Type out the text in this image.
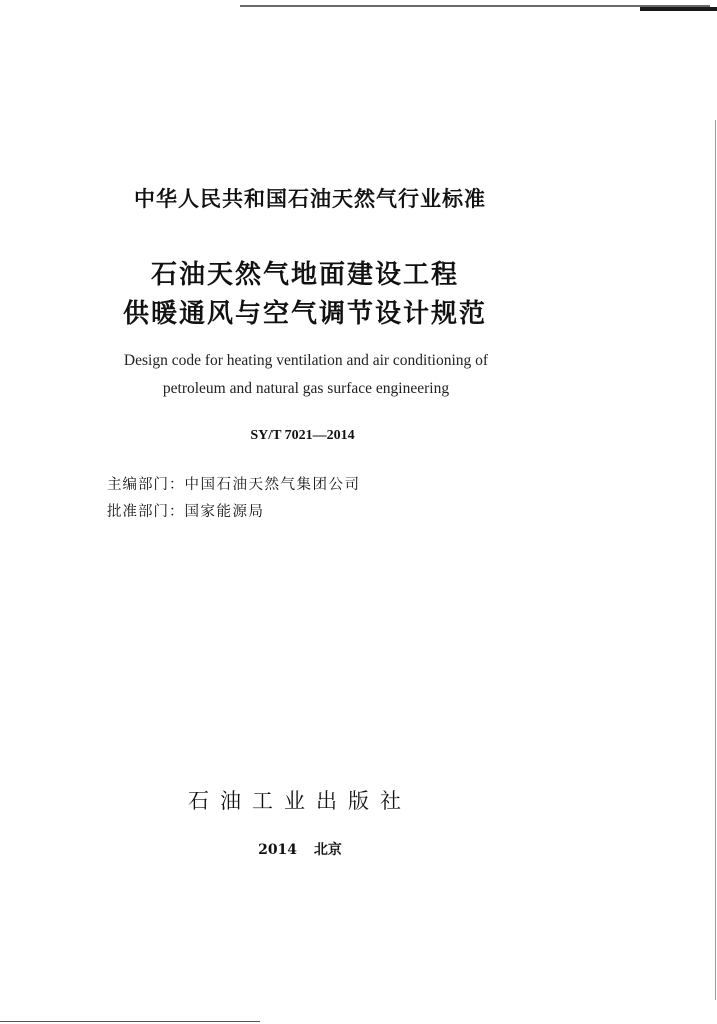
中华人民共和国石油天然气行业标准
石油天然气地面建设工程
供暖通风与空气调节设计规范
Design code for heating ventilation and air conditioning of
petroleum and natural gas surface engineering
SY/T 7021—2014
主编部门：中国石油天然气集团公司
批准部门：国家能源局
石油工业出版社
2014 北京
